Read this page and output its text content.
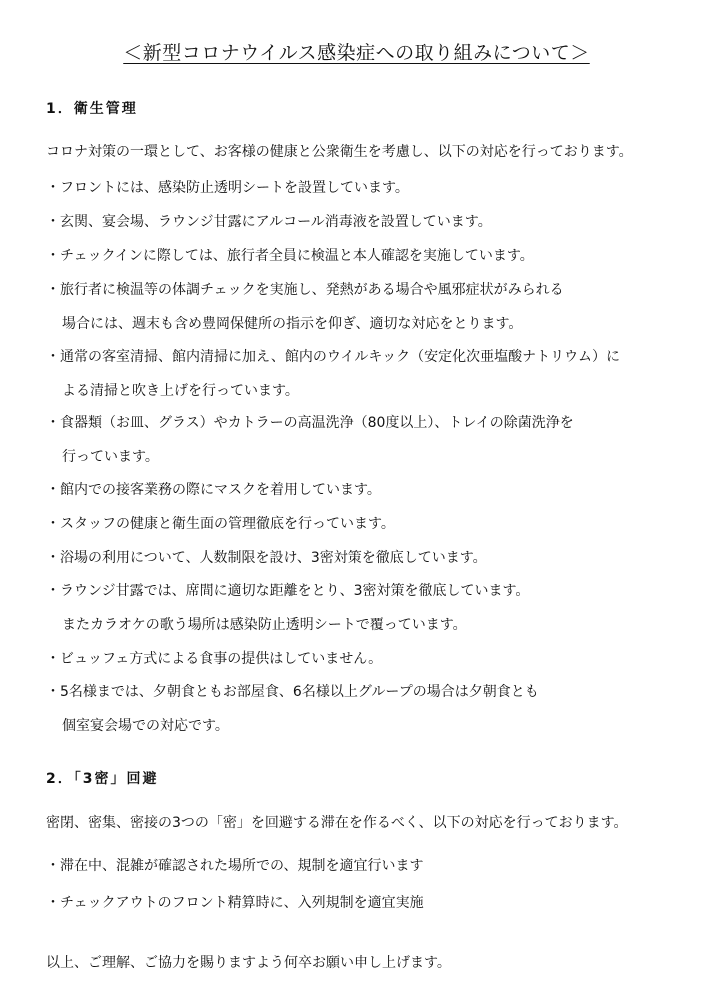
＜新型コロナウイルス感染症への取り組みについて＞
1．衛生管理
コロナ対策の一環として、お客様の健康と公衆衛生を考慮し、以下の対応を行っております。
・フロントには、感染防止透明シートを設置しています。
・玄関、宴会場、ラウンジ甘露にアルコール消毒液を設置しています。
・チェックインに際しては、旅行者全員に検温と本人確認を実施しています。
・旅行者に検温等の体調チェックを実施し、発熱がある場合や風邪症状がみられる
場合には、週末も含め豊岡保健所の指示を仰ぎ、適切な対応をとります。
・通常の客室清掃、館内清掃に加え、館内のウイルキック（安定化次亜塩酸ナトリウム）に
よる清掃と吹き上げを行っています。
・食器類（お皿、グラス）やカトラーの高温洗浄（80度以上）、トレイの除菌洗浄を
行っています。
・館内での接客業務の際にマスクを着用しています。
・スタッフの健康と衛生面の管理徹底を行っています。
・浴場の利用について、人数制限を設け、3密対策を徹底しています。
・ラウンジ甘露では、席間に適切な距離をとり、3密対策を徹底しています。
またカラオケの歌う場所は感染防止透明シートで覆っています。
・ビュッフェ方式による食事の提供はしていません。
・5名様までは、夕朝食ともお部屋食、6名様以上グループの場合は夕朝食とも
個室宴会場での対応です。
2．「3密」回避
密閉、密集、密接の3つの「密」を回避する滞在を作るべく、以下の対応を行っております。
・滞在中、混雑が確認された場所での、規制を適宜行います
・チェックアウトのフロント精算時に、入列規制を適宜実施
以上、ご理解、ご協力を賜りますよう何卒お願い申し上げます。
